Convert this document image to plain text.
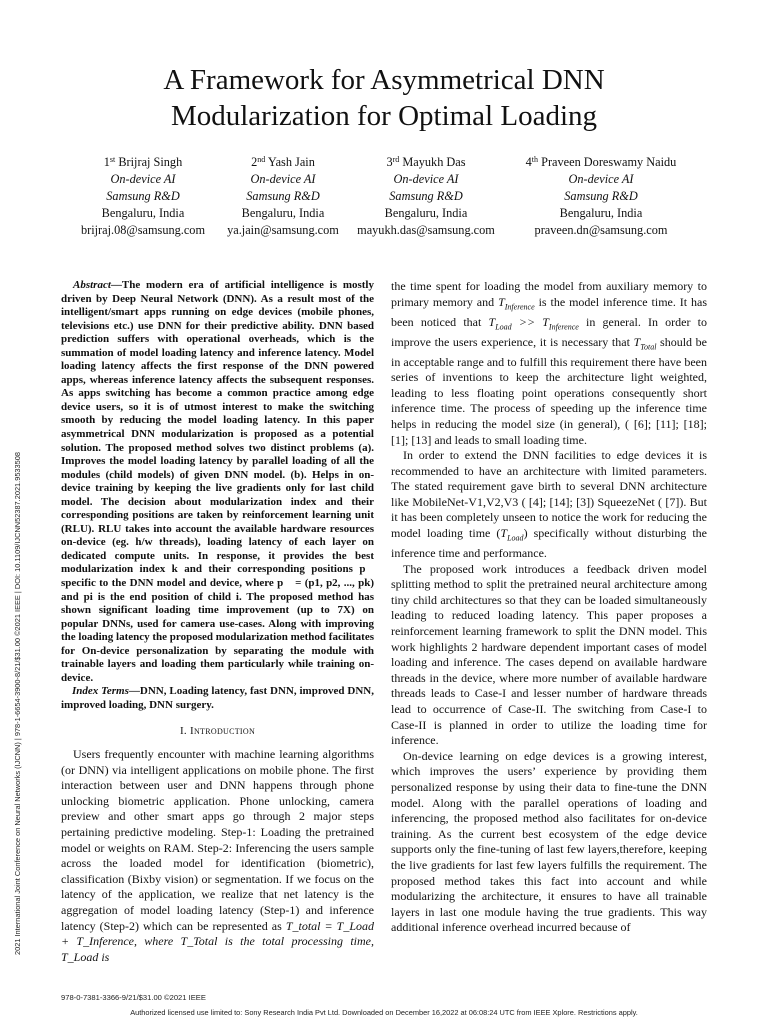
A Framework for Asymmetrical DNN
Modularization for Optimal Loading
1st Brijraj Singh
On-device AI
Samsung R&D
Bengaluru, India
brijraj.08@samsung.com
2nd Yash Jain
On-device AI
Samsung R&D
Bengaluru, India
ya.jain@samsung.com
3rd Mayukh Das
On-device AI
Samsung R&D
Bengaluru, India
mayukh.das@samsung.com
4th Praveen Doreswamy Naidu
On-device AI
Samsung R&D
Bengaluru, India
praveen.dn@samsung.com
2021 International Joint Conference on Neural Networks (IJCNN) | 978-1-6654-3900-8/21/$31.00 ©2021 IEEE | DOI: 10.1109/IJCNN52387.2021.9533508

Abstract—The modern era of artificial intelligence is mostly driven by Deep Neural Network (DNN). As a result most of the intelligent/smart apps running on edge devices (mobile phones, televisions etc.) use DNN for their predictive ability. DNN based prediction suffers with operational overheads, which is the summation of model loading latency and inference latency. Model loading latency affects the first response of the DNN powered apps, whereas inference latency affects the subsequent responses. As apps switching has become a common practice among edge device users, so it is of utmost interest to make the switching smooth by reducing the model loading latency. In this paper asymmetrical DNN modularization is proposed as a potential solution. The proposed method solves two distinct problems (a). Improves the model loading latency by parallel loading of all the modules (child models) of given DNN model. (b). Helps in on-device training by keeping the live gradients only for last child model. The decision about modularization index and their corresponding positions are taken by reinforcement learning unit (RLU). RLU takes into account the available hardware resources on-device (eg. h/w threads), loading latency of each layer on dedicated compute units. In response, it provides the best modularization index k and their corresponding positions p⃗ specific to the DNN model and device, where p⃗ = (p1, p2, ..., pk) and pi is the end position of child i. The proposed method has shown significant loading time improvement (up to 7X) on popular DNNs, used for camera use-cases. Along with improving the loading latency the proposed modularization method facilitates for On-device personalization by separating the module with trainable layers and loading them particularly while training on-device.

Index Terms—DNN, Loading latency, fast DNN, improved DNN, improved loading, DNN surgery.

I. Introduction

Users frequently encounter with machine learning algorithms (or DNN) via intelligent applications on mobile phone. The first interaction between user and DNN happens through phone unlocking biometric application. Phone unlocking, camera preview and other smart apps go through 2 major steps pertaining predictive modeling. Step-1: Loading the pretrained model or weights on RAM. Step-2: Inferencing the users sample across the loaded model for identification (biometric), classification (Bixby vision) or segmentation. If we focus on the latency of the application, we realize that net latency is the aggregation of model loading latency (Step-1) and inference latency (Step-2) which can be represented as T_total = T_Load + T_Inference, where T_Total is the total processing time, T_Load is

the time spent for loading the model from auxiliary memory to primary memory and $T_{Inference}$ is the model inference time. It has been noticed that $T_{Load} >> T_{Inference}$ in general. In order to improve the users experience, it is necessary that $T_{Total}$ should be in acceptable range and to fulfill this requirement there have been series of inventions to keep the architecture light weighted, leading to less floating point operations consequently short inference time. The process of speeding up the inference time helps in reducing the model size (in general), ( [6]; [11]; [18]; [1]; [13] and leads to small loading time.

In order to extend the DNN facilities to edge devices it is recommended to have an architecture with limited parameters. The stated requirement gave birth to several DNN architecture like MobileNet-V1,V2,V3 ( [4]; [14]; [3]) SqueezeNet ( [7]). But it has been completely unseen to notice the work for reducing the model loading time $(T_{Load})$ specifically without disturbing the inference time and performance.

The proposed work introduces a feedback driven model splitting method to split the pretrained neural architecture among tiny child architectures so that they can be loaded simultaneously leading to reduced loading latency. This paper proposes a reinforcement learning framework to split the DNN model. This work highlights 2 hardware dependent important cases of model loading and inference. The cases depend on available hardware threads in the device, where more number of available hardware threads leads to Case-I and lesser number of hardware threads lead to occurrence of Case-II. The switching from Case-I to Case-II is planned in order to utilize the loading time for inference.

On-device learning on edge devices is a growing interest, which improves the users’ experience by providing them personalized response by using their data to fine-tune the DNN model. Along with the parallel operations of loading and inferencing, the proposed method also facilitates for on-device training. As the current best ecosystem of the edge device supports only the fine-tuning of last few layers,therefore, keeping the live gradients for last few layers fulfills the requirement. The proposed method takes this fact into account and while modularizing the architecture, it ensures to have all trainable layers in last one module having the true gradients. This way additional inference overhead incurred because of

978-0-7381-3366-9/21/$31.00 ©2021 IEEE
Authorized licensed use limited to: Sony Research India Pvt Ltd. Downloaded on December 16,2022 at 06:08:24 UTC from IEEE Xplore. Restrictions apply.
